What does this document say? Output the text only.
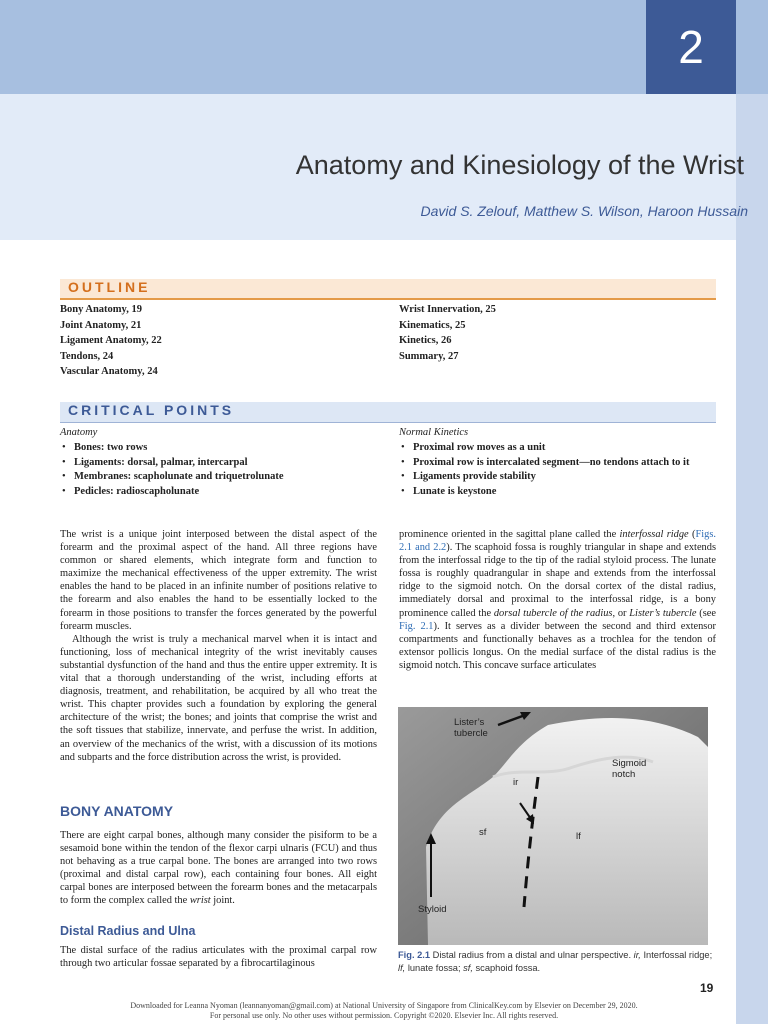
2
Anatomy and Kinesiology of the Wrist
David S. Zelouf, Matthew S. Wilson, Haroon Hussain
OUTLINE
Bony Anatomy, 19
Joint Anatomy, 21
Ligament Anatomy, 22
Tendons, 24
Vascular Anatomy, 24
Wrist Innervation, 25
Kinematics, 25
Kinetics, 26
Summary, 27
CRITICAL POINTS
Anatomy
• Bones: two rows
• Ligaments: dorsal, palmar, intercarpal
• Membranes: scapholunate and triquetrolunate
• Pedicles: radioscapholunate
Normal Kinetics
• Proximal row moves as a unit
• Proximal row is intercalated segment—no tendons attach to it
• Ligaments provide stability
• Lunate is keystone

The wrist is a unique joint interposed between the distal aspect of the forearm and the proximal aspect of the hand. All three regions have common or shared elements, which integrate form and function to maximize the mechanical effectiveness of the upper extremity. The wrist enables the hand to be placed in an infinite number of positions relative to the forearm and also enables the hand to be essentially locked to the forearm in those positions to transfer the forces generated by the powerful forearm muscles.

Although the wrist is truly a mechanical marvel when it is intact and functioning, loss of mechanical integrity of the wrist inevitably causes substantial dysfunction of the hand and thus the entire upper extremity. It is vital that a thorough understanding of the wrist, including efforts at diagnosis, treatment, and rehabilitation, be acquired by all who treat the wrist. This chapter provides such a foundation by exploring the general architecture of the wrist; the bones; and joints that comprise the wrist and the soft tissues that stabilize, innervate, and perfuse the wrist. In addition, an overview of the mechanics of the wrist, with a discussion of its motions and subparts and the force distribution across the wrist, is provided.

BONY ANATOMY

There are eight carpal bones, although many consider the pisiform to be a sesamoid bone within the tendon of the flexor carpi ulnaris (FCU) and thus not behaving as a true carpal bone. The bones are arranged into two rows (proximal and distal carpal row), each containing four bones. All eight carpal bones are interposed between the forearm bones and the metacarpals to form the complex called the wrist joint.

Distal Radius and Ulna

The distal surface of the radius articulates with the proximal carpal row through two articular fossae separated by a fibrocartilaginous

prominence oriented in the sagittal plane called the interfossal ridge (Figs. 2.1 and 2.2). The scaphoid fossa is roughly triangular in shape and extends from the interfossal ridge to the tip of the radial styloid process. The lunate fossa is roughly quadrangular in shape and extends from the interfossal ridge to the sigmoid notch. On the dorsal cortex of the distal radius, immediately dorsal and proximal to the interfossal ridge, is a bony prominence called the dorsal tubercle of the radius, or Lister’s tubercle (see Fig. 2.1). It serves as a divider between the second and third extensor compartments and functionally behaves as a trochlea for the tendon of extensor pollicis longus. On the medial surface of the distal radius is the sigmoid notch. This concave surface articulates

Lister’s tubercle
Sigmoid notch
ir
sf	lf
Styloid
Fig. 2.1 Distal radius from a distal and ulnar perspective. ir, Interfossal ridge; lf, lunate fossa; sf, scaphoid fossa.
19
Downloaded for Leanna Nyoman (leannanyoman@gmail.com) at National University of Singapore from ClinicalKey.com by Elsevier on December 29, 2020.
For personal use only. No other uses without permission. Copyright ©2020. Elsevier Inc. All rights reserved.
